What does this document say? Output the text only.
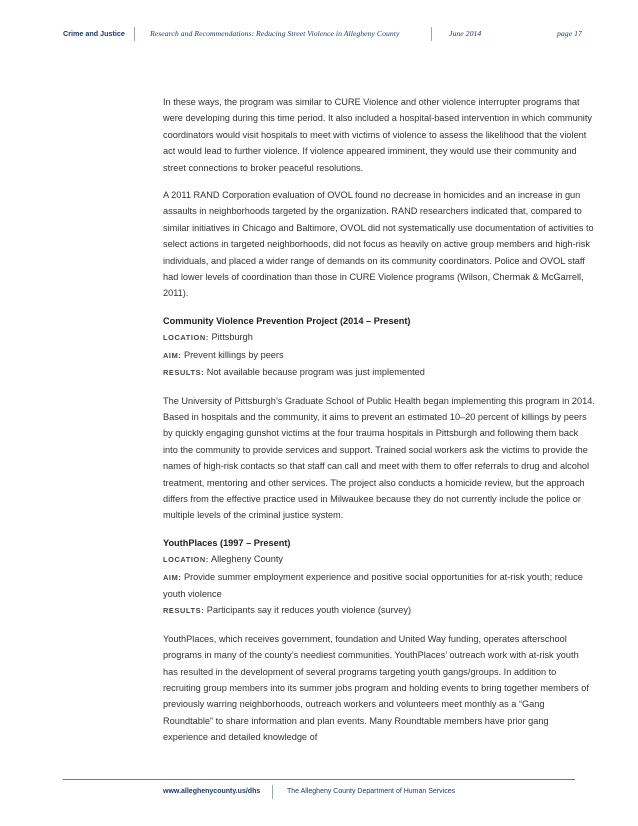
Crime and Justice	Research and Recommendations: Reducing Street Violence in Allegheny County	June 2014	page 17

In these ways, the program was similar to CURE Violence and other violence interrupter programs that were developing during this time period. It also included a hospital-based intervention in which community coordinators would visit hospitals to meet with victims of violence to assess the likelihood that the violent act would lead to further violence. If violence appeared imminent, they would use their community and street connections to broker peaceful resolutions.

A 2011 RAND Corporation evaluation of OVOL found no decrease in homicides and an increase in gun assaults in neighborhoods targeted by the organization. RAND researchers indicated that, compared to similar initiatives in Chicago and Baltimore, OVOL did not systematically use documentation of activities to select actions in targeted neighborhoods, did not focus as heavily on active group members and high-risk individuals, and placed a wider range of demands on its community coordinators. Police and OVOL staff had lower levels of coordination than those in CURE Violence programs (Wilson, Chermak & McGarrell, 2011).

Community Violence Prevention Project (2014 – Present)
LOCATION: Pittsburgh
AIM: Prevent killings by peers
RESULTS: Not available because program was just implemented

The University of Pittsburgh’s Graduate School of Public Health began implementing this program in 2014. Based in hospitals and the community, it aims to prevent an estimated 10–20 percent of killings by peers by quickly engaging gunshot victims at the four trauma hospitals in Pittsburgh and following them back into the community to provide services and support. Trained social workers ask the victims to provide the names of high-risk contacts so that staff can call and meet with them to offer referrals to drug and alcohol treatment, mentoring and other services. The project also conducts a homicide review, but the approach differs from the effective practice used in Milwaukee because they do not currently include the police or multiple levels of the criminal justice system.

YouthPlaces (1997 – Present)
LOCATION: Allegheny County
AIM: Provide summer employment experience and positive social opportunities for at-risk youth; reduce youth violence
RESULTS: Participants say it reduces youth violence (survey)

YouthPlaces, which receives government, foundation and United Way funding, operates afterschool programs in many of the county’s neediest communities. YouthPlaces’ outreach work with at-risk youth has resulted in the development of several programs targeting youth gangs/groups. In addition to recruiting group members into its summer jobs program and holding events to bring together members of previously warring neighborhoods, outreach workers and volunteers meet monthly as a “Gang Roundtable” to share information and plan events. Many Roundtable members have prior gang experience and detailed knowledge of

www.alleghenycounty.us/dhs	The Allegheny County Department of Human Services
